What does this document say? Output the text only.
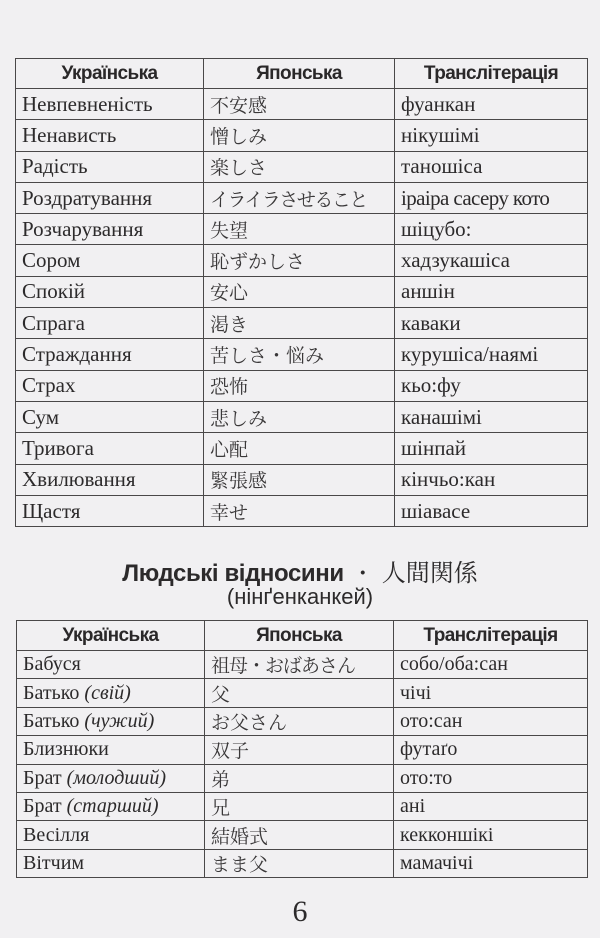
Українська	Японська	Транслітерація
Невпевненість	不安感	фуанкан
Ненависть	憎しみ	нікушімі
Радість	楽しさ	таношіса
Роздратування	イライラさせること	іраіра сасеру кото
Розчарування	失望	шіцубо:
Сором	恥ずかしさ	хадзукашіса
Спокій	安心	аншін
Спрага	渇き	каваки
Страждання	苦しさ・悩み	курушіса/наямі
Страх	恐怖	кьо:фу
Сум	悲しみ	канашімі
Тривога	心配	шінпай
Хвилювання	緊張感	кінчьо:кан
Щастя	幸せ	шіавасе
Людські відносини ・ 人間関係
(нінґенканкей)
Українська	Японська	Транслітерація
Бабуся	祖母・おばあさん	собо/оба:сан
Батько (свій)	父	чічі
Батько (чужий)	お父さん	ото:сан
Близнюки	双子	футаґо
Брат (молодший)	弟	ото:то
Брат (старший)	兄	ані
Весілля	結婚式	кекконшікі
Вітчим	まま父	мамачічі
6
